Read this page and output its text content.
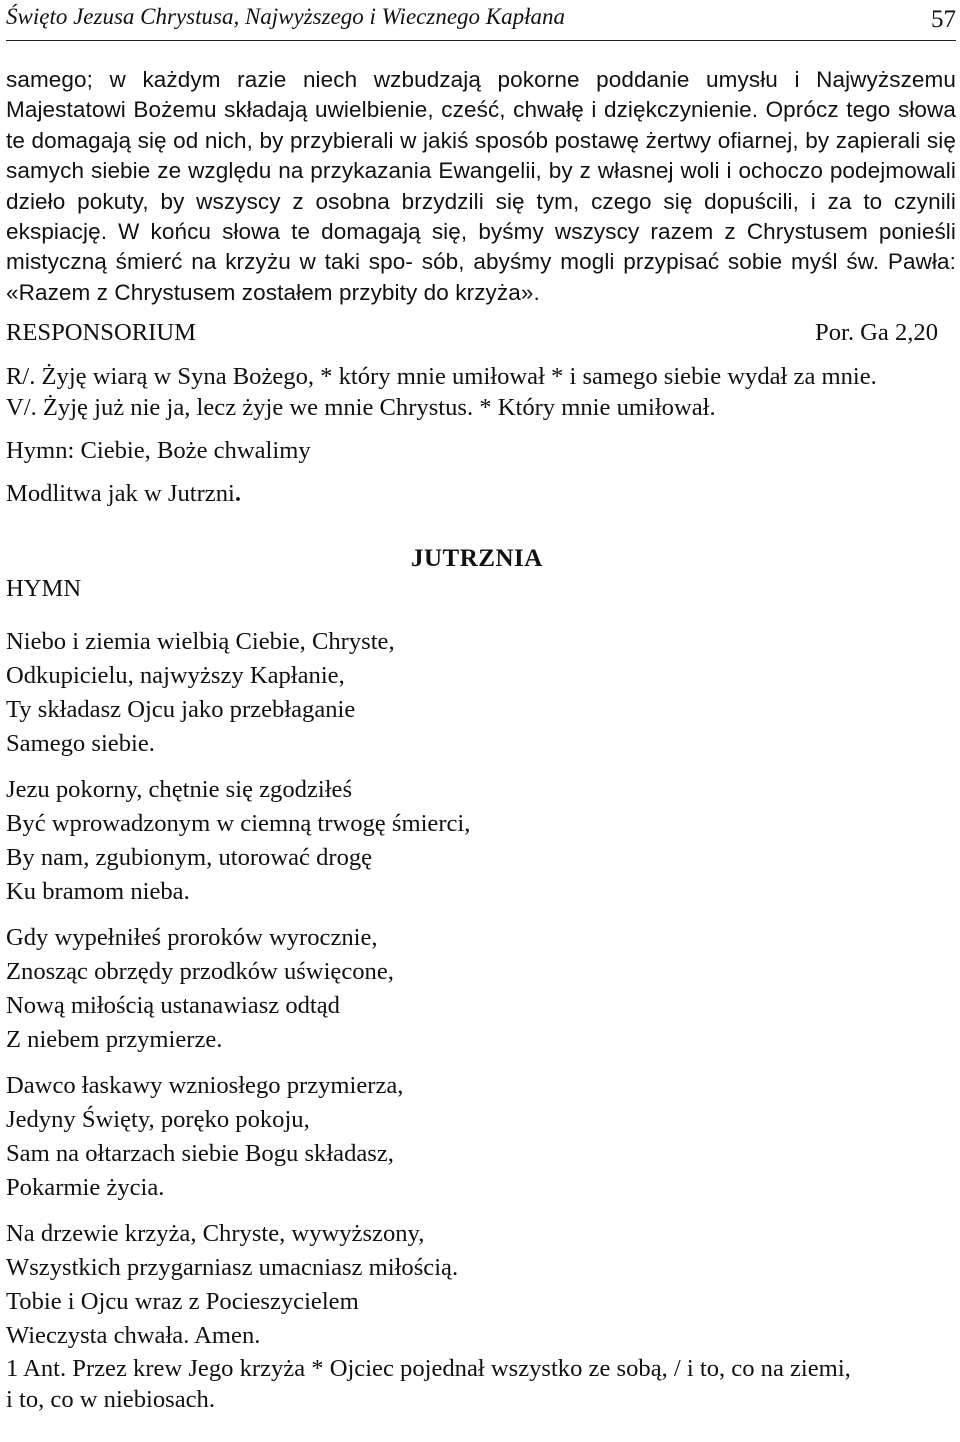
Święto Jezusa Chrystusa, Najwyższego i Wiecznego Kapłana	57
samego; w każdym razie niech wzbudzają pokorne poddanie umysłu i Najwyższemu Majestatowi Bożemu składają uwielbienie, cześć, chwałę i dziękczynienie. Oprócz tego słowa te domagają się od nich, by przybierali w jakiś sposób postawę żertwy ofiarnej, by zapierali się samych siebie ze względu na przykazania Ewangelii, by z własnej woli i ochoczo podejmowali dzieło pokuty, by wszyscy z osobna brzydzili się tym, czego się dopuścili, i za to czynili ekspiację. W końcu słowa te domagają się, byśmy wszyscy razem z Chrystusem ponieśli mistyczną śmierć na krzyżu w taki spo- sób, abyśmy mogli przypisać sobie myśl św. Pawła: «Razem z Chrystusem zostałem przybity do krzyża».
RESPONSORIUM	Por. Ga 2,20
R/. Żyję wiarą w Syna Bożego, * który mnie umiłował * i samego siebie wydał za mnie.
V/. Żyję już nie ja, lecz żyje we mnie Chrystus. * Który mnie umiłował.
Hymn: Ciebie, Boże chwalimy
Modlitwa jak w Jutrzni.
JUTRZNIA
HYMN
Niebo i ziemia wielbią Ciebie, Chryste,
Odkupicielu, najwyższy Kapłanie,
Ty składasz Ojcu jako przebłaganie
Samego siebie.
Jezu pokorny, chętnie się zgodziłeś
Być wprowadzonym w ciemną trwogę śmierci,
By nam, zgubionym, utorować drogę
Ku bramom nieba.
Gdy wypełniłeś proroków wyrocznie,
Znosząc obrzędy przodków uświęcone,
Nową miłością ustanawiasz odtąd
Z niebem przymierze.
Dawco łaskawy wzniosłego przymierza,
Jedyny Święty, poręko pokoju,
Sam na ołtarzach siebie Bogu składasz,
Pokarmie życia.
Na drzewie krzyża, Chryste, wywyższony,
Wszystkich przygarniasz umacniasz miłością.
Tobie i Ojcu wraz z Pocieszycielem
Wieczysta chwała. Amen.
1 Ant. Przez krew Jego krzyża * Ojciec pojednał wszystko ze sobą, / i to, co na ziemi,
i to, co w niebiosach.
